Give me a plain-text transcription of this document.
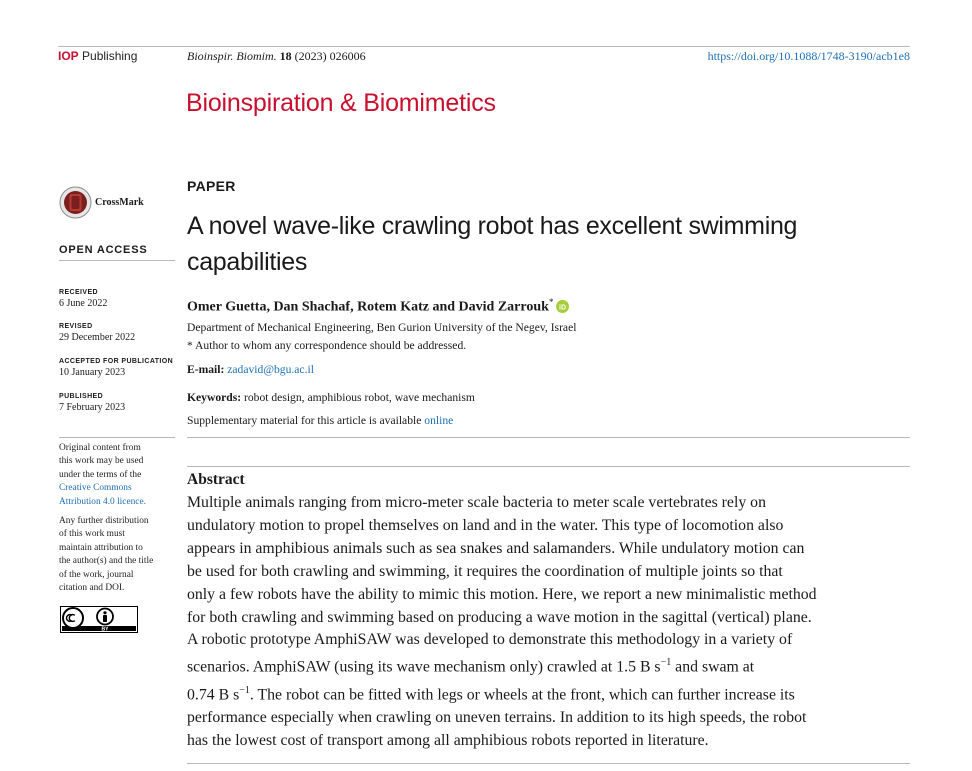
IOP Publishing	Bioinspir. Biomim. 18 (2023) 026006	https://doi.org/10.1088/1748-3190/acb1e8
Bioinspiration & Biomimetics
CrossMark
OPEN ACCESS
RECEIVED
6 June 2022
REVISED
29 December 2022
ACCEPTED FOR PUBLICATION
10 January 2023
PUBLISHED
7 February 2023
Original content from
this work may be used
under the terms of the
Creative Commons
Attribution 4.0 licence.
Any further distribution
of this work must
maintain attribution to
the author(s) and the title
of the work, journal
citation and DOI.
BY
PAPER
A novel wave-like crawling robot has excellent swimming
capabilities
Omer Guetta, Dan Shachaf, Rotem Katz and David Zarrouk*
iD
Department of Mechanical Engineering, Ben Gurion University of the Negev, Israel
* Author to whom any correspondence should be addressed.
E-mail: zadavid@bgu.ac.il
Keywords: robot design, amphibious robot, wave mechanism
Supplementary material for this article is available online
Abstract
Multiple animals ranging from micro-meter scale bacteria to meter scale vertebrates rely on
undulatory motion to propel themselves on land and in the water. This type of locomotion also
appears in amphibious animals such as sea snakes and salamanders. While undulatory motion can
be used for both crawling and swimming, it requires the coordination of multiple joints so that
only a few robots have the ability to mimic this motion. Here, we report a new minimalistic method
for both crawling and swimming based on producing a wave motion in the sagittal (vertical) plane.
A robotic prototype AmphiSAW was developed to demonstrate this methodology in a variety of
scenarios. AmphiSAW (using its wave mechanism only) crawled at 1.5 B $s^{-1}$ and swam at
0.74 B $s^{-1}$. The robot can be fitted with legs or wheels at the front, which can further increase its
performance especially when crawling on uneven terrains. In addition to its high speeds, the robot
has the lowest cost of transport among all amphibious robots reported in literature.
